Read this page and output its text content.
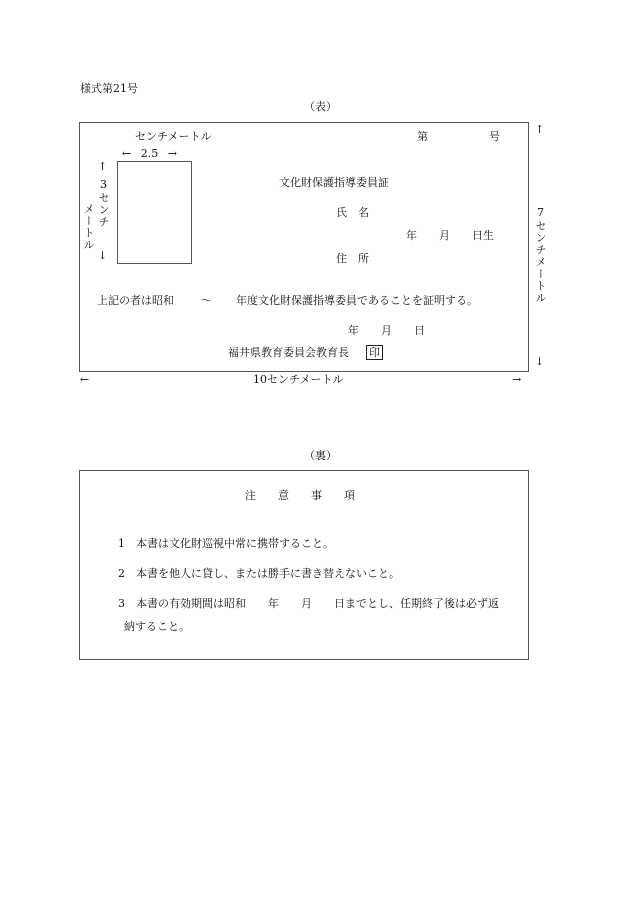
様式第21号
（表）
センチメートル
← 2.5 →
↑
3センチ
メートル
↓
第	号
文化財保護指導委員証
氏　名
年　　月　　日生
住　所
上記の者は昭和 ～ 年度文化財保護指導委員であることを証明する。
年　　月　　日
福井県教育委員会教育長 印
↑
7センチメートル
↓
←	10センチメートル	→
（裏）
注　　意　　事　　項
1　本書は文化財巡視中常に携帯すること。
2　本書を他人に貸し、または勝手に書き替えないこと。
3　本書の有効期間は昭和　　年　　月　　日までとし、任期終了後は必ず返
納すること。
